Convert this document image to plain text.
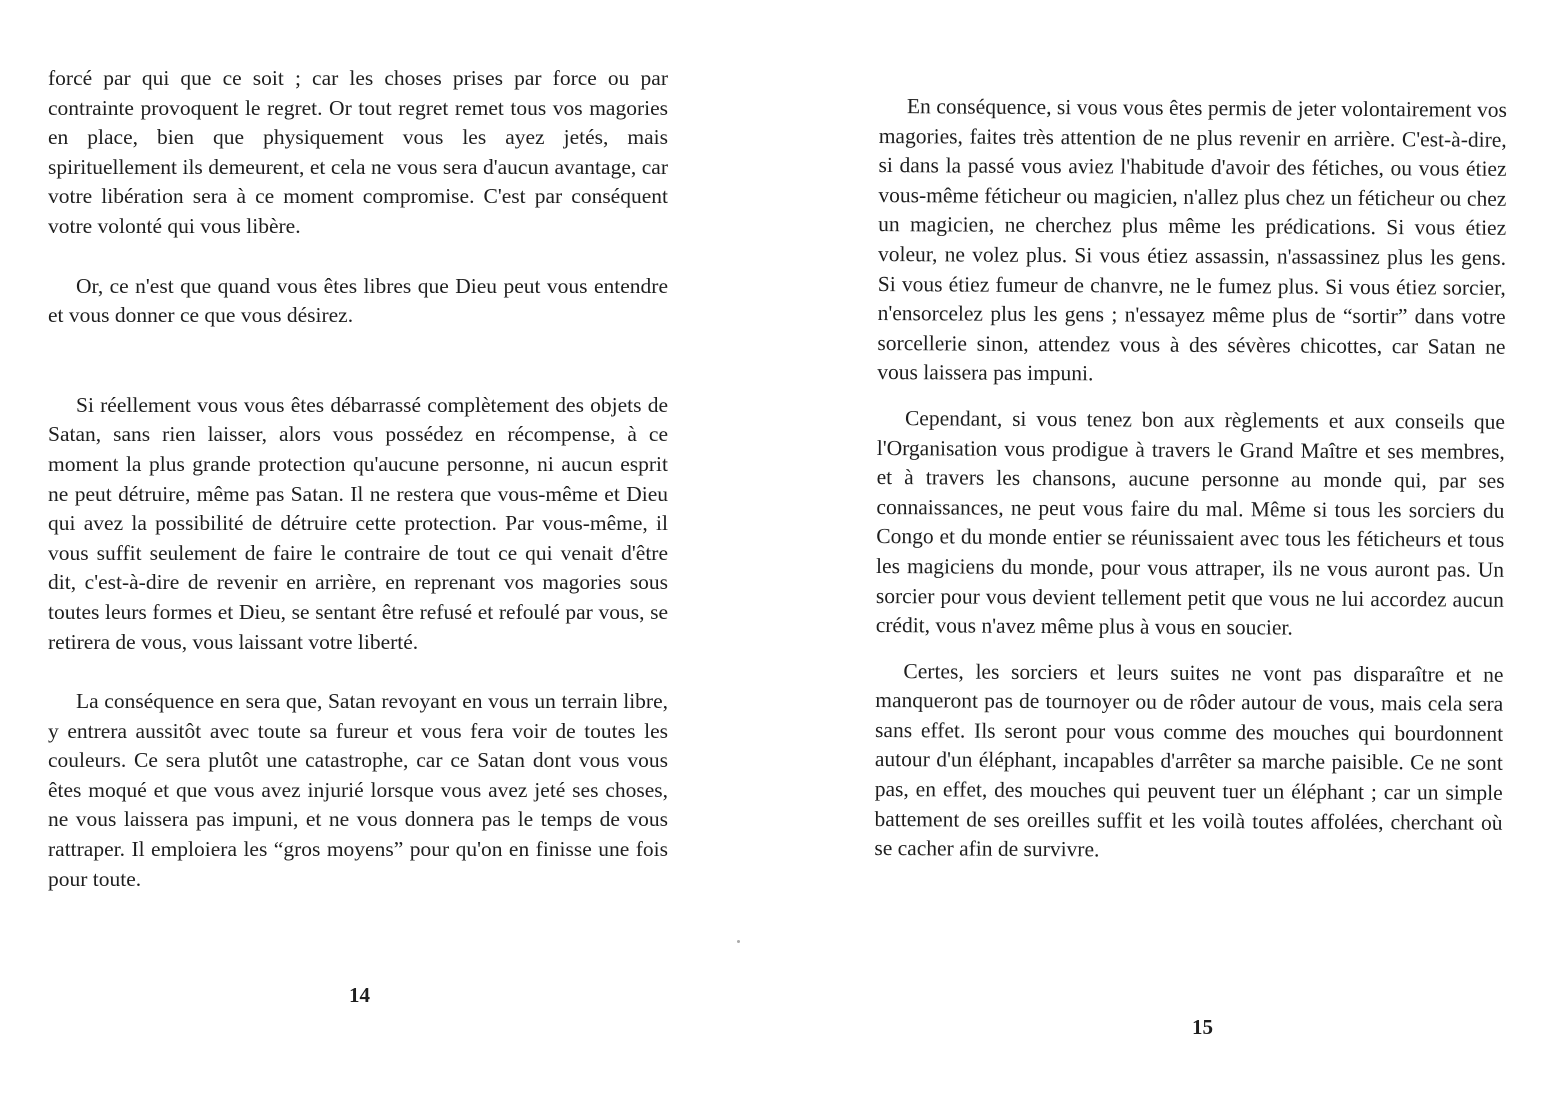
forcé par qui que ce soit ; car les choses prises par force ou par contrainte provoquent le regret. Or tout regret remet tous vos magories en place, bien que physiquement vous les ayez jetés, mais spirituellement ils demeurent, et cela ne vous sera d'aucun avantage, car votre libération sera à ce moment compromise. C'est par conséquent votre volonté qui vous libère.

Or, ce n'est que quand vous êtes libres que Dieu peut vous entendre et vous donner ce que vous désirez.

Si réellement vous vous êtes débarrassé complètement des objets de Satan, sans rien laisser, alors vous possédez en récompense, à ce moment la plus grande protection qu'aucune personne, ni aucun esprit ne peut détruire, même pas Satan. Il ne restera que vous-même et Dieu qui avez la possibilité de détruire cette protection. Par vous-même, il vous suffit seulement de faire le contraire de tout ce qui venait d'être dit, c'est-à-dire de revenir en arrière, en reprenant vos magories sous toutes leurs formes et Dieu, se sentant être refusé et refoulé par vous, se retirera de vous, vous laissant votre liberté.

La conséquence en sera que, Satan revoyant en vous un terrain libre, y entrera aussitôt avec toute sa fureur et vous fera voir de toutes les couleurs. Ce sera plutôt une catastrophe, car ce Satan dont vous vous êtes moqué et que vous avez injurié lorsque vous avez jeté ses choses, ne vous laissera pas impuni, et ne vous donnera pas le temps de vous rattraper. Il emploiera les “gros moyens” pour qu'on en finisse une fois pour toute.

14

En conséquence, si vous vous êtes permis de jeter volontairement vos magories, faites très attention de ne plus revenir en arrière. C'est-à-dire, si dans la passé vous aviez l'habitude d'avoir des fétiches, ou vous étiez vous-même féticheur ou magicien, n'allez plus chez un féticheur ou chez un magicien, ne cherchez plus même les prédications. Si vous étiez voleur, ne volez plus. Si vous étiez assassin, n'assassinez plus les gens. Si vous étiez fumeur de chanvre, ne le fumez plus. Si vous étiez sorcier, n'ensorcelez plus les gens ; n'essayez même plus de “sortir” dans votre sorcellerie sinon, attendez vous à des sévères chicottes, car Satan ne vous laissera pas impuni.

Cependant, si vous tenez bon aux règlements et aux conseils que l'Organisation vous prodigue à travers le Grand Maître et ses membres, et à travers les chansons, aucune personne au monde qui, par ses connaissances, ne peut vous faire du mal. Même si tous les sorciers du Congo et du monde entier se réunissaient avec tous les féticheurs et tous les magiciens du monde, pour vous attraper, ils ne vous auront pas. Un sorcier pour vous devient tellement petit que vous ne lui accordez aucun crédit, vous n'avez même plus à vous en soucier.

Certes, les sorciers et leurs suites ne vont pas disparaître et ne manqueront pas de tournoyer ou de rôder autour de vous, mais cela sera sans effet. Ils seront pour vous comme des mouches qui bourdonnent autour d'un éléphant, incapables d'arrêter sa marche paisible. Ce ne sont pas, en effet, des mouches qui peuvent tuer un éléphant ; car un simple battement de ses oreilles suffit et les voilà toutes affolées, cherchant où se cacher afin de survivre.

15
